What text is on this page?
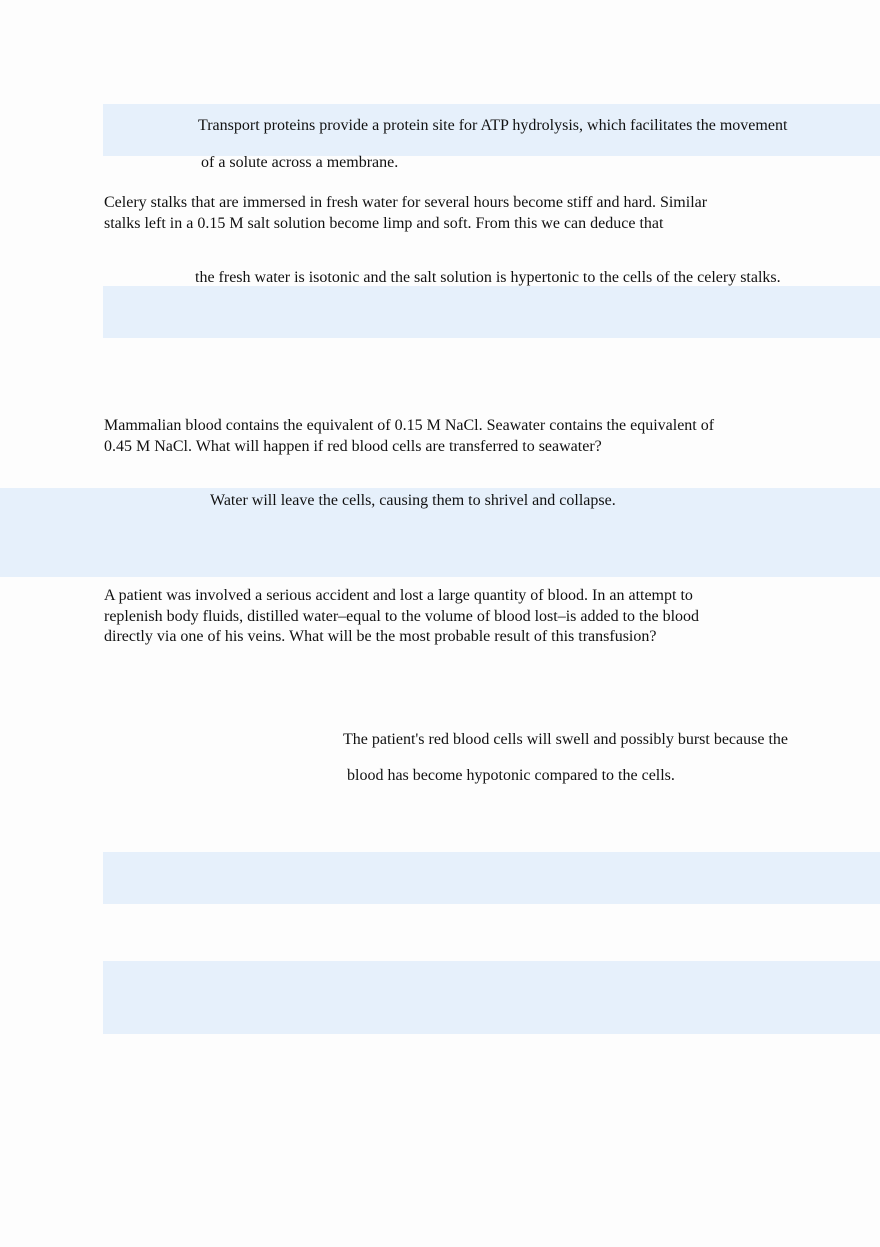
Transport proteins provide a protein site for ATP hydrolysis, which facilitates the movement
of a solute across a membrane.
Celery stalks that are immersed in fresh water for several hours become stiff and hard. Similar
stalks left in a 0.15 M salt solution become limp and soft. From this we can deduce that
the fresh water is isotonic and the salt solution is hypertonic to the cells of the celery stalks.
Mammalian blood contains the equivalent of 0.15 M NaCl. Seawater contains the equivalent of
0.45 M NaCl. What will happen if red blood cells are transferred to seawater?
Water will leave the cells, causing them to shrivel and collapse.
A patient was involved a serious accident and lost a large quantity of blood. In an attempt to
replenish body fluids, distilled water–equal to the volume of blood lost–is added to the blood
directly via one of his veins. What will be the most probable result of this transfusion?
The patient's red blood cells will swell and possibly burst because the
blood has become hypotonic compared to the cells.
